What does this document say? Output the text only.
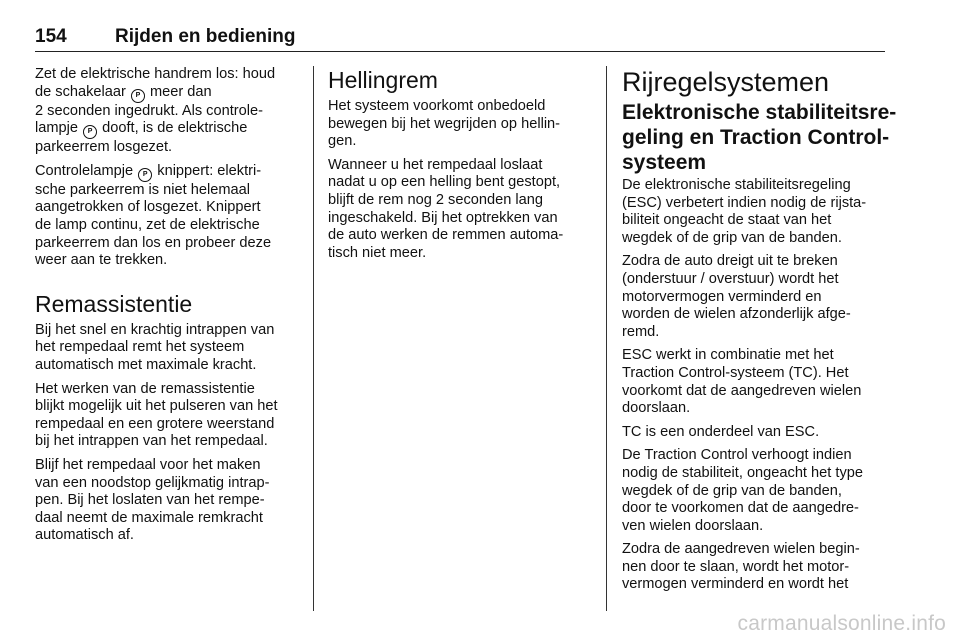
154	Rijden en bediening

Zet de elektrische handrem los: houd
de schakelaar P meer dan
2 seconden ingedrukt. Als controle-
lampje P dooft, is de elektrische
parkeerrem losgezet.

Controlelampje P knippert: elektri-
sche parkeerrem is niet helemaal
aangetrokken of losgezet. Knippert
de lamp continu, zet de elektrische
parkeerrem dan los en probeer deze
weer aan te trekken.

Remassistentie

Bij het snel en krachtig intrappen van
het rempedaal remt het systeem
automatisch met maximale kracht.

Het werken van de remassistentie
blijkt mogelijk uit het pulseren van het
rempedaal en een grotere weerstand
bij het intrappen van het rempedaal.

Blijf het rempedaal voor het maken
van een noodstop gelijkmatig intrap-
pen. Bij het loslaten van het rempe-
daal neemt de maximale remkracht
automatisch af.

Hellingrem

Het systeem voorkomt onbedoeld
bewegen bij het wegrijden op hellin-
gen.

Wanneer u het rempedaal loslaat
nadat u op een helling bent gestopt,
blijft de rem nog 2 seconden lang
ingeschakeld. Bij het optrekken van
de auto werken de remmen automa-
tisch niet meer.

Rijregelsystemen
Elektronische stabiliteitsre-
geling en Traction Control-
systeem

De elektronische stabiliteitsregeling
(ESC) verbetert indien nodig de rijsta-
biliteit ongeacht de staat van het
wegdek of de grip van de banden.

Zodra de auto dreigt uit te breken
(onderstuur / overstuur) wordt het
motorvermogen verminderd en
worden de wielen afzonderlijk afge-
remd.

ESC werkt in combinatie met het
Traction Control-systeem (TC). Het
voorkomt dat de aangedreven wielen
doorslaan.

TC is een onderdeel van ESC.

De Traction Control verhoogt indien
nodig de stabiliteit, ongeacht het type
wegdek of de grip van de banden,
door te voorkomen dat de aangedre-
ven wielen doorslaan.

Zodra de aangedreven wielen begin-
nen door te slaan, wordt het motor-
vermogen verminderd en wordt het

carmanualsonline.info
